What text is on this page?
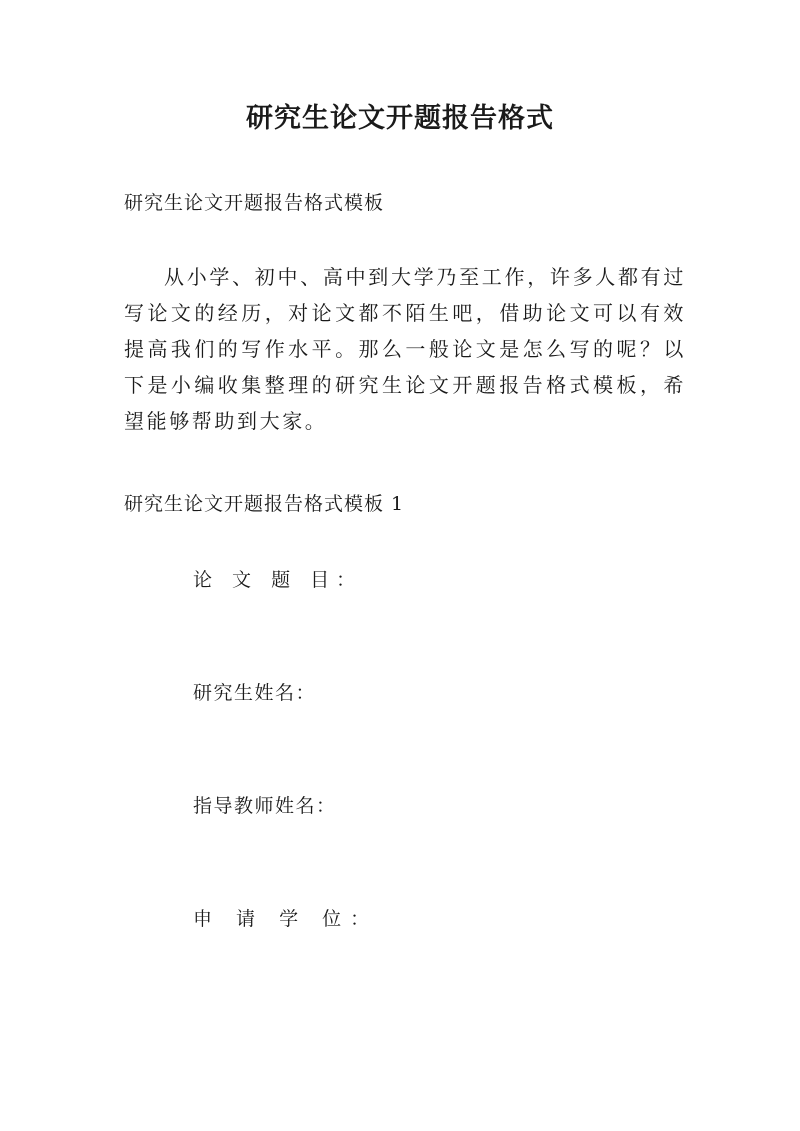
研究生论文开题报告格式
研究生论文开题报告格式模板

从小学、初中、高中到大学乃至工作，许多人都有过写论文的经历，对论文都不陌生吧，借助论文可以有效提高我们的写作水平。那么一般论文是怎么写的呢？以下是小编收集整理的研究生论文开题报告格式模板，希望能够帮助到大家。

研究生论文开题报告格式模板 1
论 文 题 目：
研究生姓名：
指导教师姓名：
申 请 学 位：
